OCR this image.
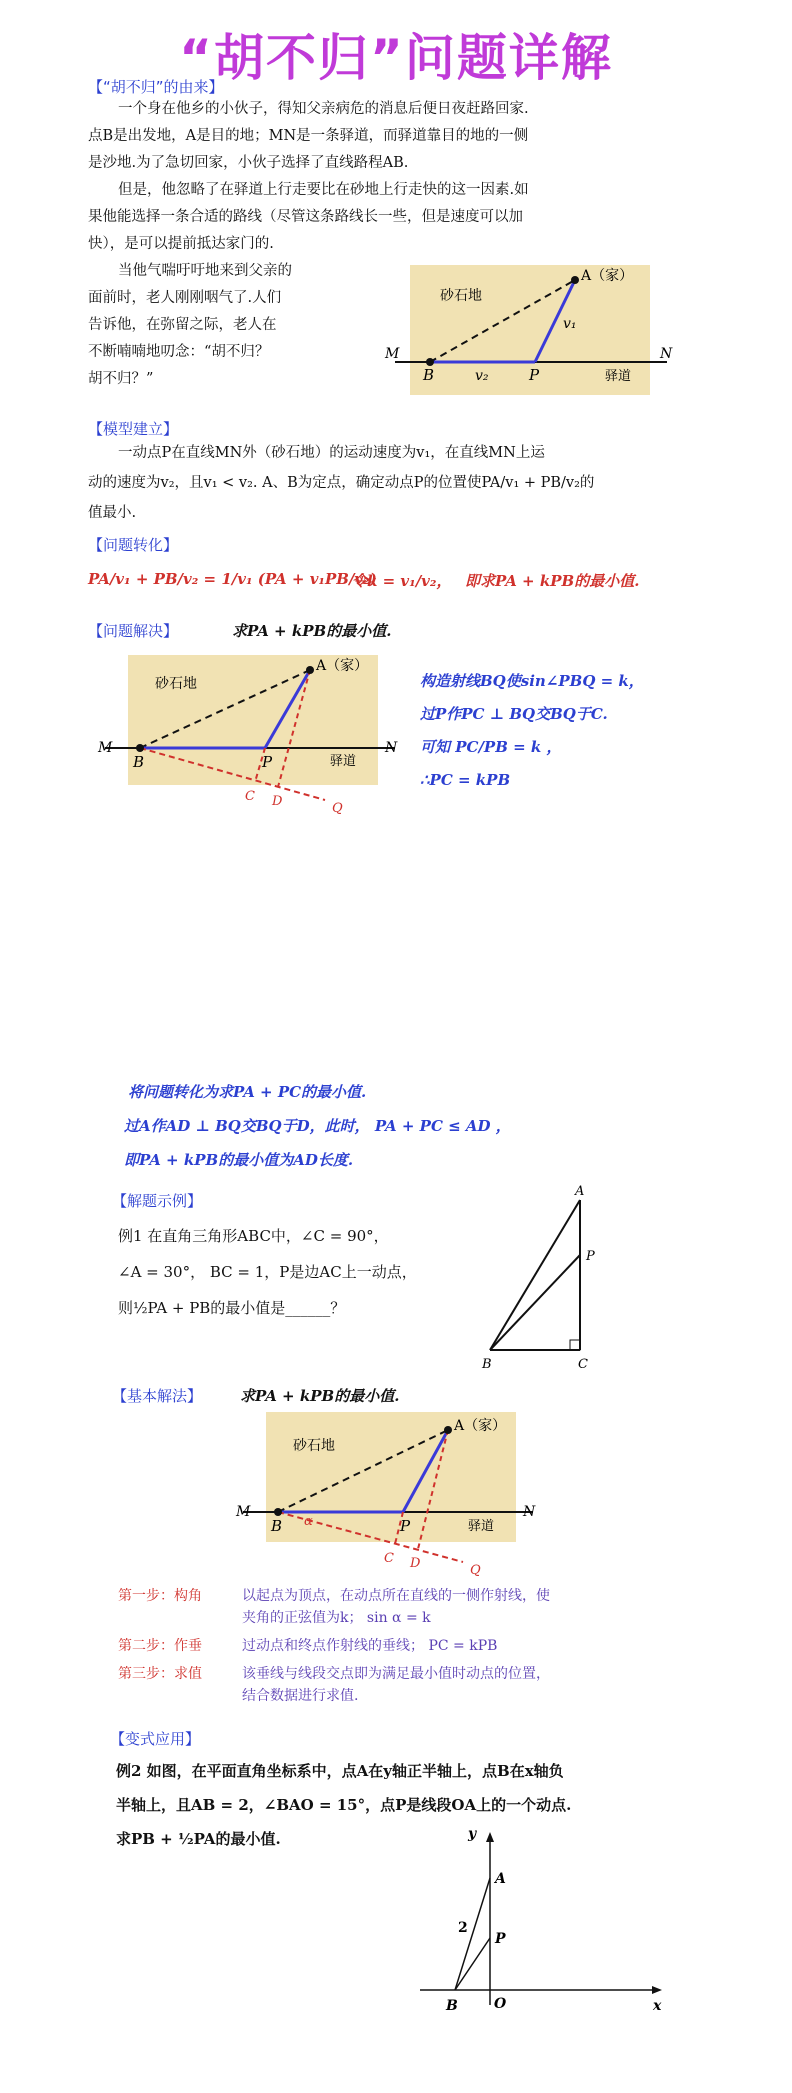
“胡不归”问题详解
【“胡不归”的由来】
一个身在他乡的小伙子，得知父亲病危的消息后便日夜赶路回家.
点B是出发地，A是目的地；MN是一条驿道，而驿道靠目的地的一侧
是沙地.为了急切回家，小伙子选择了直线路程AB.
但是，他忽略了在驿道上行走要比在砂地上行走快的这一因素.如
果他能选择一条合适的路线（尽管这条路线长一些，但是速度可以加
快），是可以提前抵达家门的.
当他气喘吁吁地来到父亲的
面前时，老人刚刚咽气了.人们
告诉他，在弥留之际，老人在
不断喃喃地叨念：“胡不归？
胡不归？”
砂石地
A（家）
M	N
B	P
v₂
v₁
驿道
【模型建立】
一动点P在直线MN外（砂石地）的运动速度为v₁，在直线MN上运
动的速度为v₂，且v₁ < v₂. A、B为定点，确定动点P的位置使PA/v₁ + PB/v₂的
值最小.
【问题转化】
PA/v₁ + PB/v₂ = 1/v₁ (PA + v₁PB/v₂)
令k = v₁/v₂， 即求PA + kPB的最小值.
【问题解决】	求PA + kPB的最小值.
砂石地
A（家）
M	N
B	P
C D	Q
驿道
构造射线BQ使sin∠PBQ = k，
过P作PC ⊥ BQ交BQ于C.
可知 PC/PB = k ，
∴PC = kPB
将问题转化为求PA + PC的最小值.
过A作AD ⊥ BQ交BQ于D，此时， PA + PC ≤ AD ，
即PA + kPB的最小值为AD长度.
【解题示例】
例1 在直角三角形ABC中，∠C = 90°，
∠A = 30°， BC = 1，P是边AC上一动点，
则½PA + PB的最小值是______？
A
P
B	C
【基本解法】	求PA + kPB的最小值.
砂石地
A（家）
M	N
B α	P
C D	Q
驿道
第一步：构角	以起点为顶点，在动点所在直线的一侧作射线，使
夹角的正弦值为k； sin α = k
第二步：作垂	过动点和终点作射线的垂线； PC = kPB
第三步：求值	该垂线与线段交点即为满足最小值时动点的位置，
结合数据进行求值.
【变式应用】
例2 如图，在平面直角坐标系中，点A在y轴正半轴上，点B在x轴负
半轴上，且AB = 2，∠BAO = 15°，点P是线段OA上的一个动点.
求PB + ½PA的最小值.	y
x
A
P
B	O
2
